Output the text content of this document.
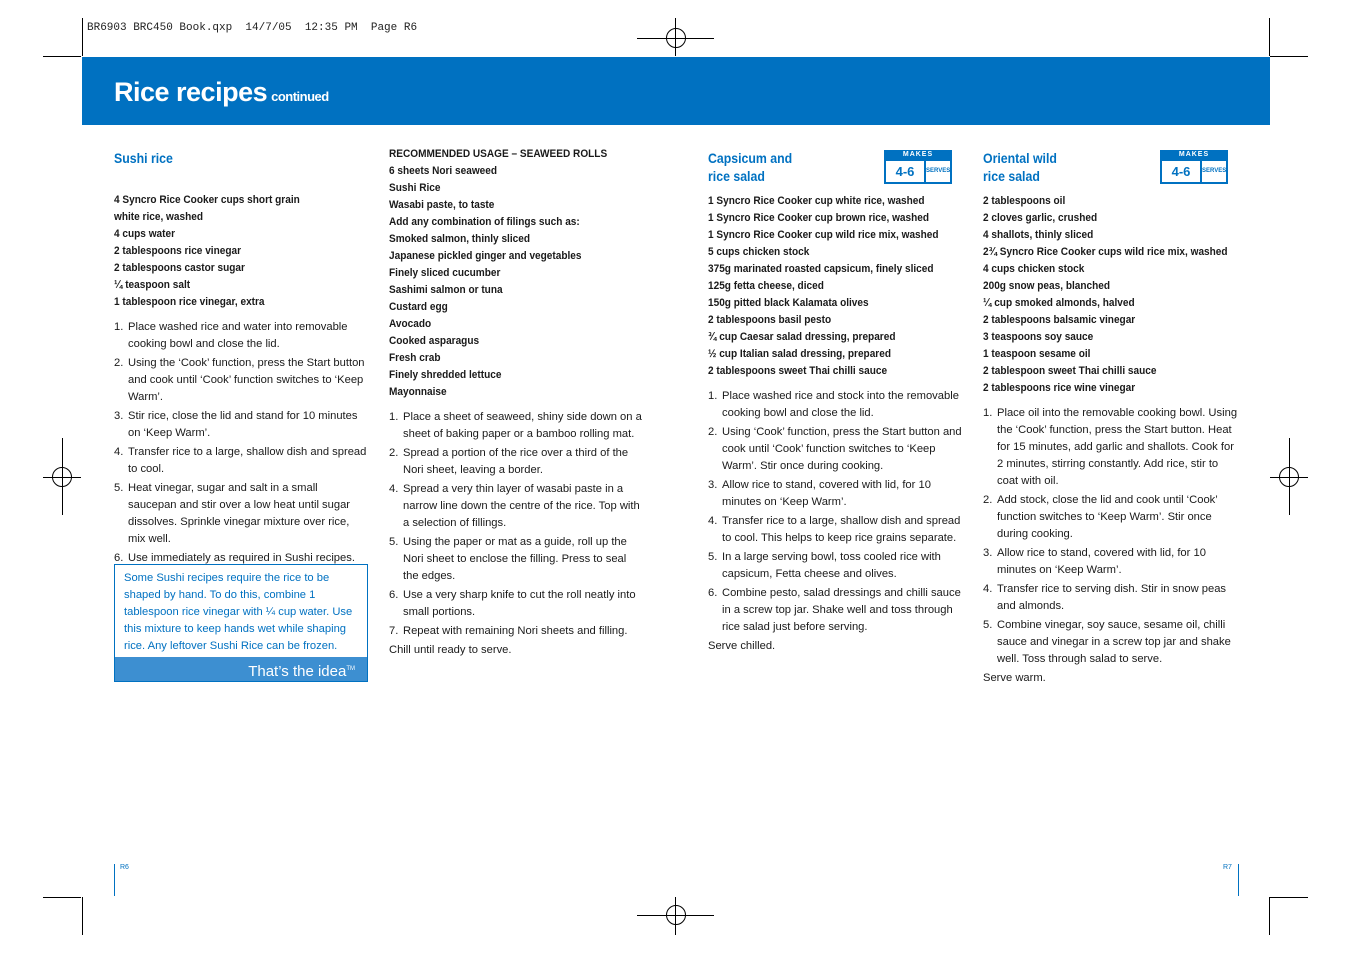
BR6903 BRC450 Book.qxp  14/7/05  12:35 PM  Page R6
Rice recipes continued
Sushi rice
4 Syncro Rice Cooker cups short grain
white rice, washed
4 cups water
2 tablespoons rice vinegar
2 tablespoons castor sugar
¼ teaspoon salt
1 tablespoon rice vinegar, extra
1. Place washed rice and water into removable cooking bowl and close the lid.
2. Using the ‘Cook’ function, press the Start button and cook until ‘Cook’ function switches to ‘Keep Warm’.
3. Stir rice, close the lid and stand for 10 minutes on ‘Keep Warm’.
4. Transfer rice to a large, shallow dish and spread to cool.
5. Heat vinegar, sugar and salt in a small saucepan and stir over a low heat until sugar dissolves. Sprinkle vinegar mixture over rice, mix well.
6. Use immediately as required in Sushi recipes.
Some Sushi recipes require the rice to be shaped by hand. To do this, combine 1 tablespoon rice vinegar with ¼ cup water. Use this mixture to keep hands wet while shaping rice. Any leftover Sushi Rice can be frozen.
That’s the idea™
RECOMMENDED USAGE – SEAWEED ROLLS
6 sheets Nori seaweed
Sushi Rice
Wasabi paste, to taste
Add any combination of filings such as:
Smoked salmon, thinly sliced
Japanese pickled ginger and vegetables
Finely sliced cucumber
Sashimi salmon or tuna
Custard egg
Avocado
Cooked asparagus
Fresh crab
Finely shredded lettuce
Mayonnaise
1. Place a sheet of seaweed, shiny side down on a sheet of baking paper or a bamboo rolling mat.
2. Spread a portion of the rice over a third of the Nori sheet, leaving a border.
4. Spread a very thin layer of wasabi paste in a narrow line down the centre of the rice. Top with a selection of fillings.
5. Using the paper or mat as a guide, roll up the Nori sheet to enclose the filling. Press to seal the edges.
6. Use a very sharp knife to cut the roll neatly into small portions.
7. Repeat with remaining Nori sheets and filling.
Chill until ready to serve.
Capsicum and
rice salad
1 Syncro Rice Cooker cup white rice, washed
1 Syncro Rice Cooker cup brown rice, washed
1 Syncro Rice Cooker cup wild rice mix, washed
5 cups chicken stock
375g marinated roasted capsicum, finely sliced
125g fetta cheese, diced
150g pitted black Kalamata olives
2 tablespoons basil pesto
¾ cup Caesar salad dressing, prepared
½ cup Italian salad dressing, prepared
2 tablespoons sweet Thai chilli sauce
1. Place washed rice and stock into the removable cooking bowl and close the lid.
2. Using ‘Cook’ function, press the Start button and cook until ‘Cook’ function switches to ‘Keep Warm’. Stir once during cooking.
3. Allow rice to stand, covered with lid, for 10 minutes on ‘Keep Warm’.
4. Transfer rice to a large, shallow dish and spread to cool. This helps to keep rice grains separate.
5. In a large serving bowl, toss cooled rice with capsicum, Fetta cheese and olives.
6. Combine pesto, salad dressings and chilli sauce in a screw top jar. Shake well and toss through rice salad just before serving.
Serve chilled.
MAKES
4-6	SERVES
Oriental wild
rice salad
2 tablespoons oil
2 cloves garlic, crushed
4 shallots, thinly sliced
2¾ Syncro Rice Cooker cups wild rice mix, washed
4 cups chicken stock
200g snow peas, blanched
¼ cup smoked almonds, halved
2 tablespoons balsamic vinegar
3 teaspoons soy sauce
1 teaspoon sesame oil
2 tablespoon sweet Thai chilli sauce
2 tablespoons rice wine vinegar
1. Place oil into the removable cooking bowl. Using the ‘Cook’ function, press the Start button. Heat for 15 minutes, add garlic and shallots. Cook for 2 minutes, stirring constantly. Add rice, stir to coat with oil.
2. Add stock, close the lid and cook until ‘Cook’ function switches to ‘Keep Warm’. Stir once during cooking.
3. Allow rice to stand, covered with lid, for 10 minutes on ‘Keep Warm’.
4. Transfer rice to serving dish. Stir in snow peas and almonds.
5. Combine vinegar, soy sauce, sesame oil, chilli sauce and vinegar in a screw top jar and shake well. Toss through salad to serve.
Serve warm.
MAKES
4-6	SERVES
R6	R7
